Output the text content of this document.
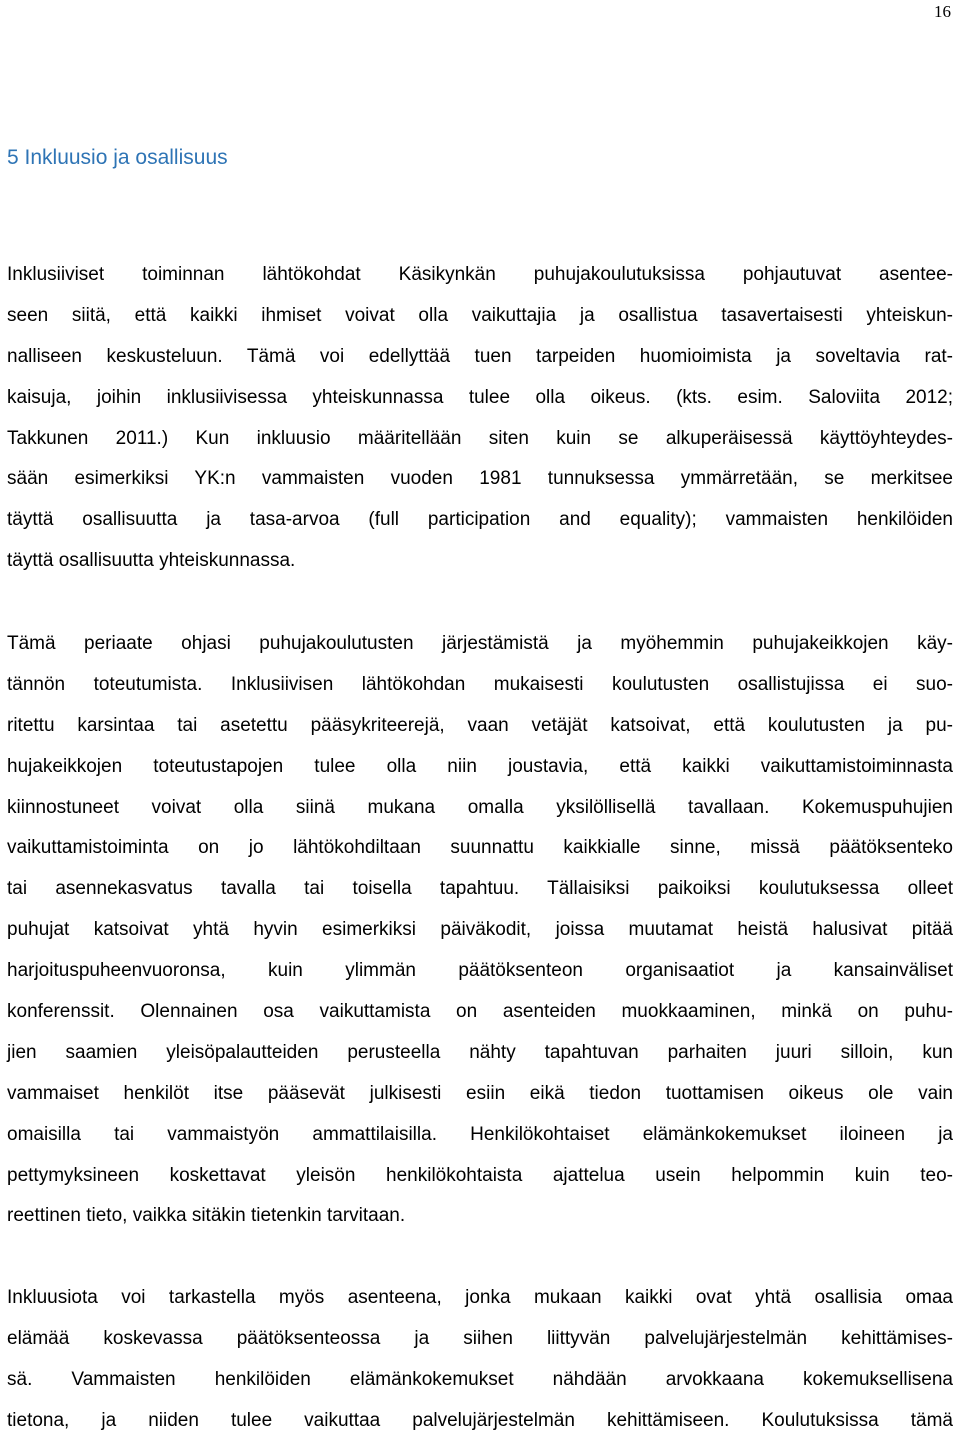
16
5 Inkluusio ja osallisuus
Inklusiiviset toiminnan lähtökohdat Käsikynkän puhujakoulutuksissa pohjautuvat asentee-
seen siitä, että kaikki ihmiset voivat olla vaikuttajia ja osallistua tasavertaisesti yhteiskun-
nalliseen keskusteluun. Tämä voi edellyttää tuen tarpeiden huomioimista ja soveltavia rat-
kaisuja, joihin inklusiivisessa yhteiskunnassa tulee olla oikeus. (kts. esim. Saloviita 2012;
Takkunen 2011.) Kun inkluusio määritellään siten kuin se alkuperäisessä käyttöyhteydes-
sään esimerkiksi YK:n vammaisten vuoden 1981 tunnuksessa ymmärretään, se merkitsee
täyttä osallisuutta ja tasa-arvoa (full participation and equality); vammaisten henkilöiden
täyttä osallisuutta yhteiskunnassa.
Tämä periaate ohjasi puhujakoulutusten järjestämistä ja myöhemmin puhujakeikkojen käy-
tännön toteutumista. Inklusiivisen lähtökohdan mukaisesti koulutusten osallistujissa ei suo-
ritettu karsintaa tai asetettu pääsykriteerejä, vaan vetäjät katsoivat, että koulutusten ja pu-
hujakeikkojen toteutustapojen tulee olla niin joustavia, että kaikki vaikuttamistoiminnasta
kiinnostuneet voivat olla siinä mukana omalla yksilöllisellä tavallaan. Kokemuspuhujien
vaikuttamistoiminta on jo lähtökohdiltaan suunnattu kaikkialle sinne, missä päätöksenteko
tai asennekasvatus tavalla tai toisella tapahtuu. Tällaisiksi paikoiksi koulutuksessa olleet
puhujat katsoivat yhtä hyvin esimerkiksi päiväkodit, joissa muutamat heistä halusivat pitää
harjoituspuheenvuoronsa, kuin ylimmän päätöksenteon organisaatiot ja kansainväliset
konferenssit. Olennainen osa vaikuttamista on asenteiden muokkaaminen, minkä on puhu-
jien saamien yleisöpalautteiden perusteella nähty tapahtuvan parhaiten juuri silloin, kun
vammaiset henkilöt itse pääsevät julkisesti esiin eikä tiedon tuottamisen oikeus ole vain
omaisilla tai vammaistyön ammattilaisilla. Henkilökohtaiset elämänkokemukset iloineen ja
pettymyksineen koskettavat yleisön henkilökohtaista ajattelua usein helpommin kuin teo-
reettinen tieto, vaikka sitäkin tietenkin tarvitaan.
Inkluusiota voi tarkastella myös asenteena, jonka mukaan kaikki ovat yhtä osallisia omaa
elämää koskevassa päätöksenteossa ja siihen liittyvän palvelujärjestelmän kehittämises-
sä. Vammaisten henkilöiden elämänkokemukset nähdään arvokkaana kokemuksellisena
tietona, ja niiden tulee vaikuttaa palvelujärjestelmän kehittämiseen. Koulutuksissa tämä
